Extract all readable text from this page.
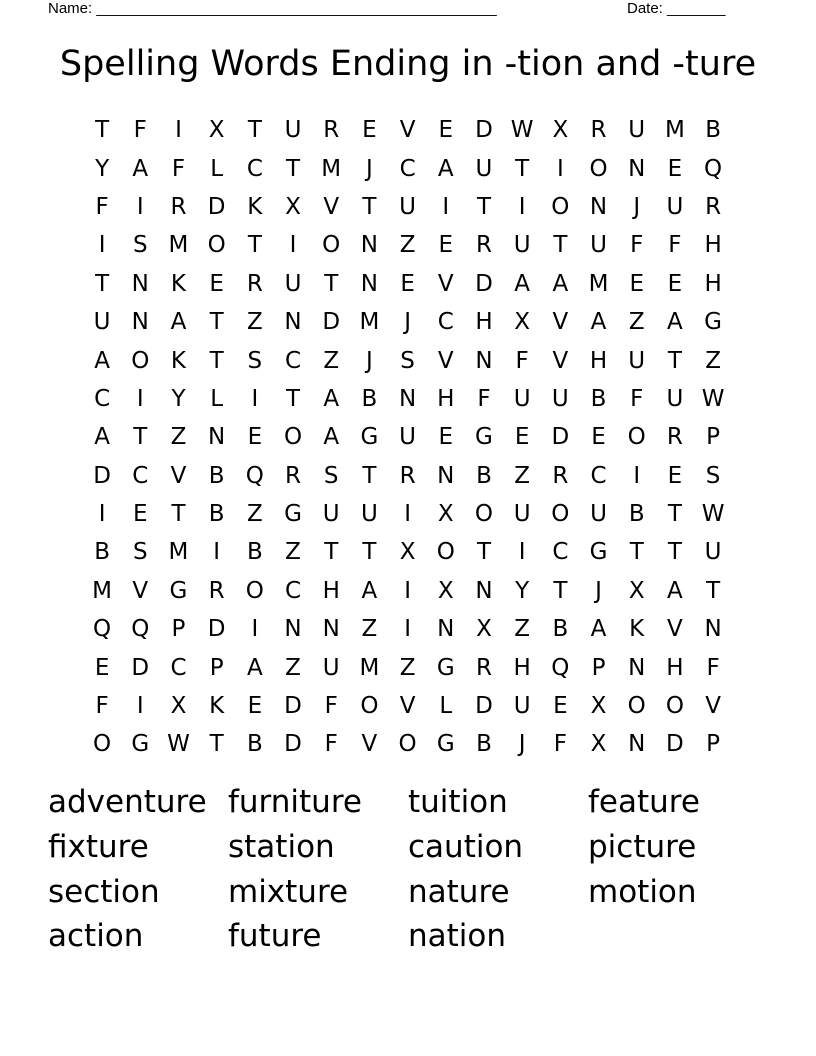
Name: ________________________________________________	Date: _______
Spelling Words Ending in -tion and -ture
T	F	I	X	T U R E	V	E D W X R U M B
Y	A	F	L	C	T M	J	C A U T	I	O N E Q
F	I	R D K X V	T U	I	T	I	O N	J	U R
I	S M O T	I	O N Z	E R U T U	F	F H
T N K	E R U T N E	V D A A M E	E H
U N A	T	Z N D M	J	C H X V A Z A G
A O K	T	S C Z	J	S	V N F	V H U T	Z
C	I	Y	L	I	T	A B N H F	U U B	F	U W
A	T	Z N E O A G U E G E D E O R	P
D C V B Q R S	T	R N B Z R C	I	E	S
I	E	T	B Z G U U	I	X O U O U B	T W
B S M	I	B Z	T	T	X O T	I	C G T	T U
M V G R O C H A	I	X N Y	T	J	X A	T
Q Q P D	I	N N Z	I	N X Z B A K V N
E D C	P	A Z U M Z G R H Q P N H F
F	I	X K	E D F O V	L D U E	X O O V
O G W T	B D F	V O G B	J	F	X N D P
adventure furniture	tuition	feature
fixture	station	caution	picture
section	mixture	nature	motion
action	future	nation
